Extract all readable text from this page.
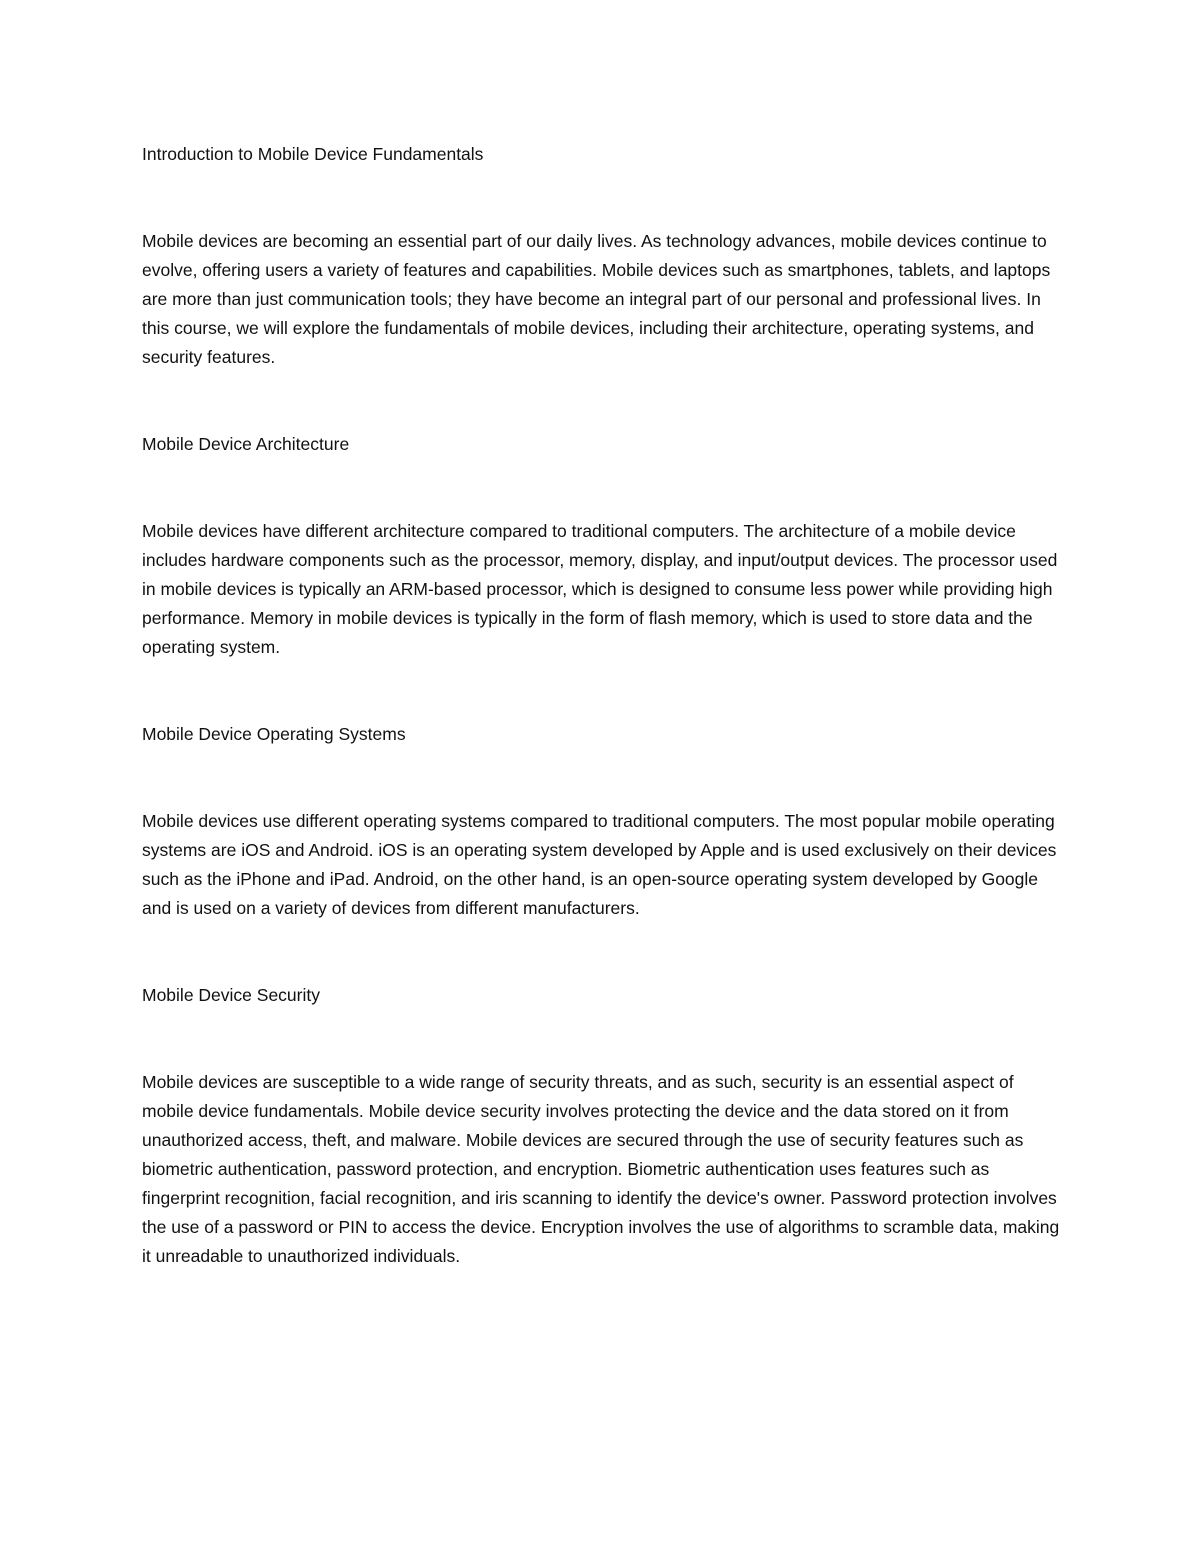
Introduction to Mobile Device Fundamentals

Mobile devices are becoming an essential part of our daily lives. As technology advances, mobile devices continue to evolve, offering users a variety of features and capabilities. Mobile devices such as smartphones, tablets, and laptops are more than just communication tools; they have become an integral part of our personal and professional lives. In this course, we will explore the fundamentals of mobile devices, including their architecture, operating systems, and security features.

Mobile Device Architecture

Mobile devices have different architecture compared to traditional computers. The architecture of a mobile device includes hardware components such as the processor, memory, display, and input/output devices. The processor used in mobile devices is typically an ARM-based processor, which is designed to consume less power while providing high performance. Memory in mobile devices is typically in the form of flash memory, which is used to store data and the operating system.

Mobile Device Operating Systems

Mobile devices use different operating systems compared to traditional computers. The most popular mobile operating systems are iOS and Android. iOS is an operating system developed by Apple and is used exclusively on their devices such as the iPhone and iPad. Android, on the other hand, is an open-source operating system developed by Google and is used on a variety of devices from different manufacturers.

Mobile Device Security

Mobile devices are susceptible to a wide range of security threats, and as such, security is an essential aspect of mobile device fundamentals. Mobile device security involves protecting the device and the data stored on it from unauthorized access, theft, and malware. Mobile devices are secured through the use of security features such as biometric authentication, password protection, and encryption. Biometric authentication uses features such as fingerprint recognition, facial recognition, and iris scanning to identify the device's owner. Password protection involves the use of a password or PIN to access the device. Encryption involves the use of algorithms to scramble data, making it unreadable to unauthorized individuals.
